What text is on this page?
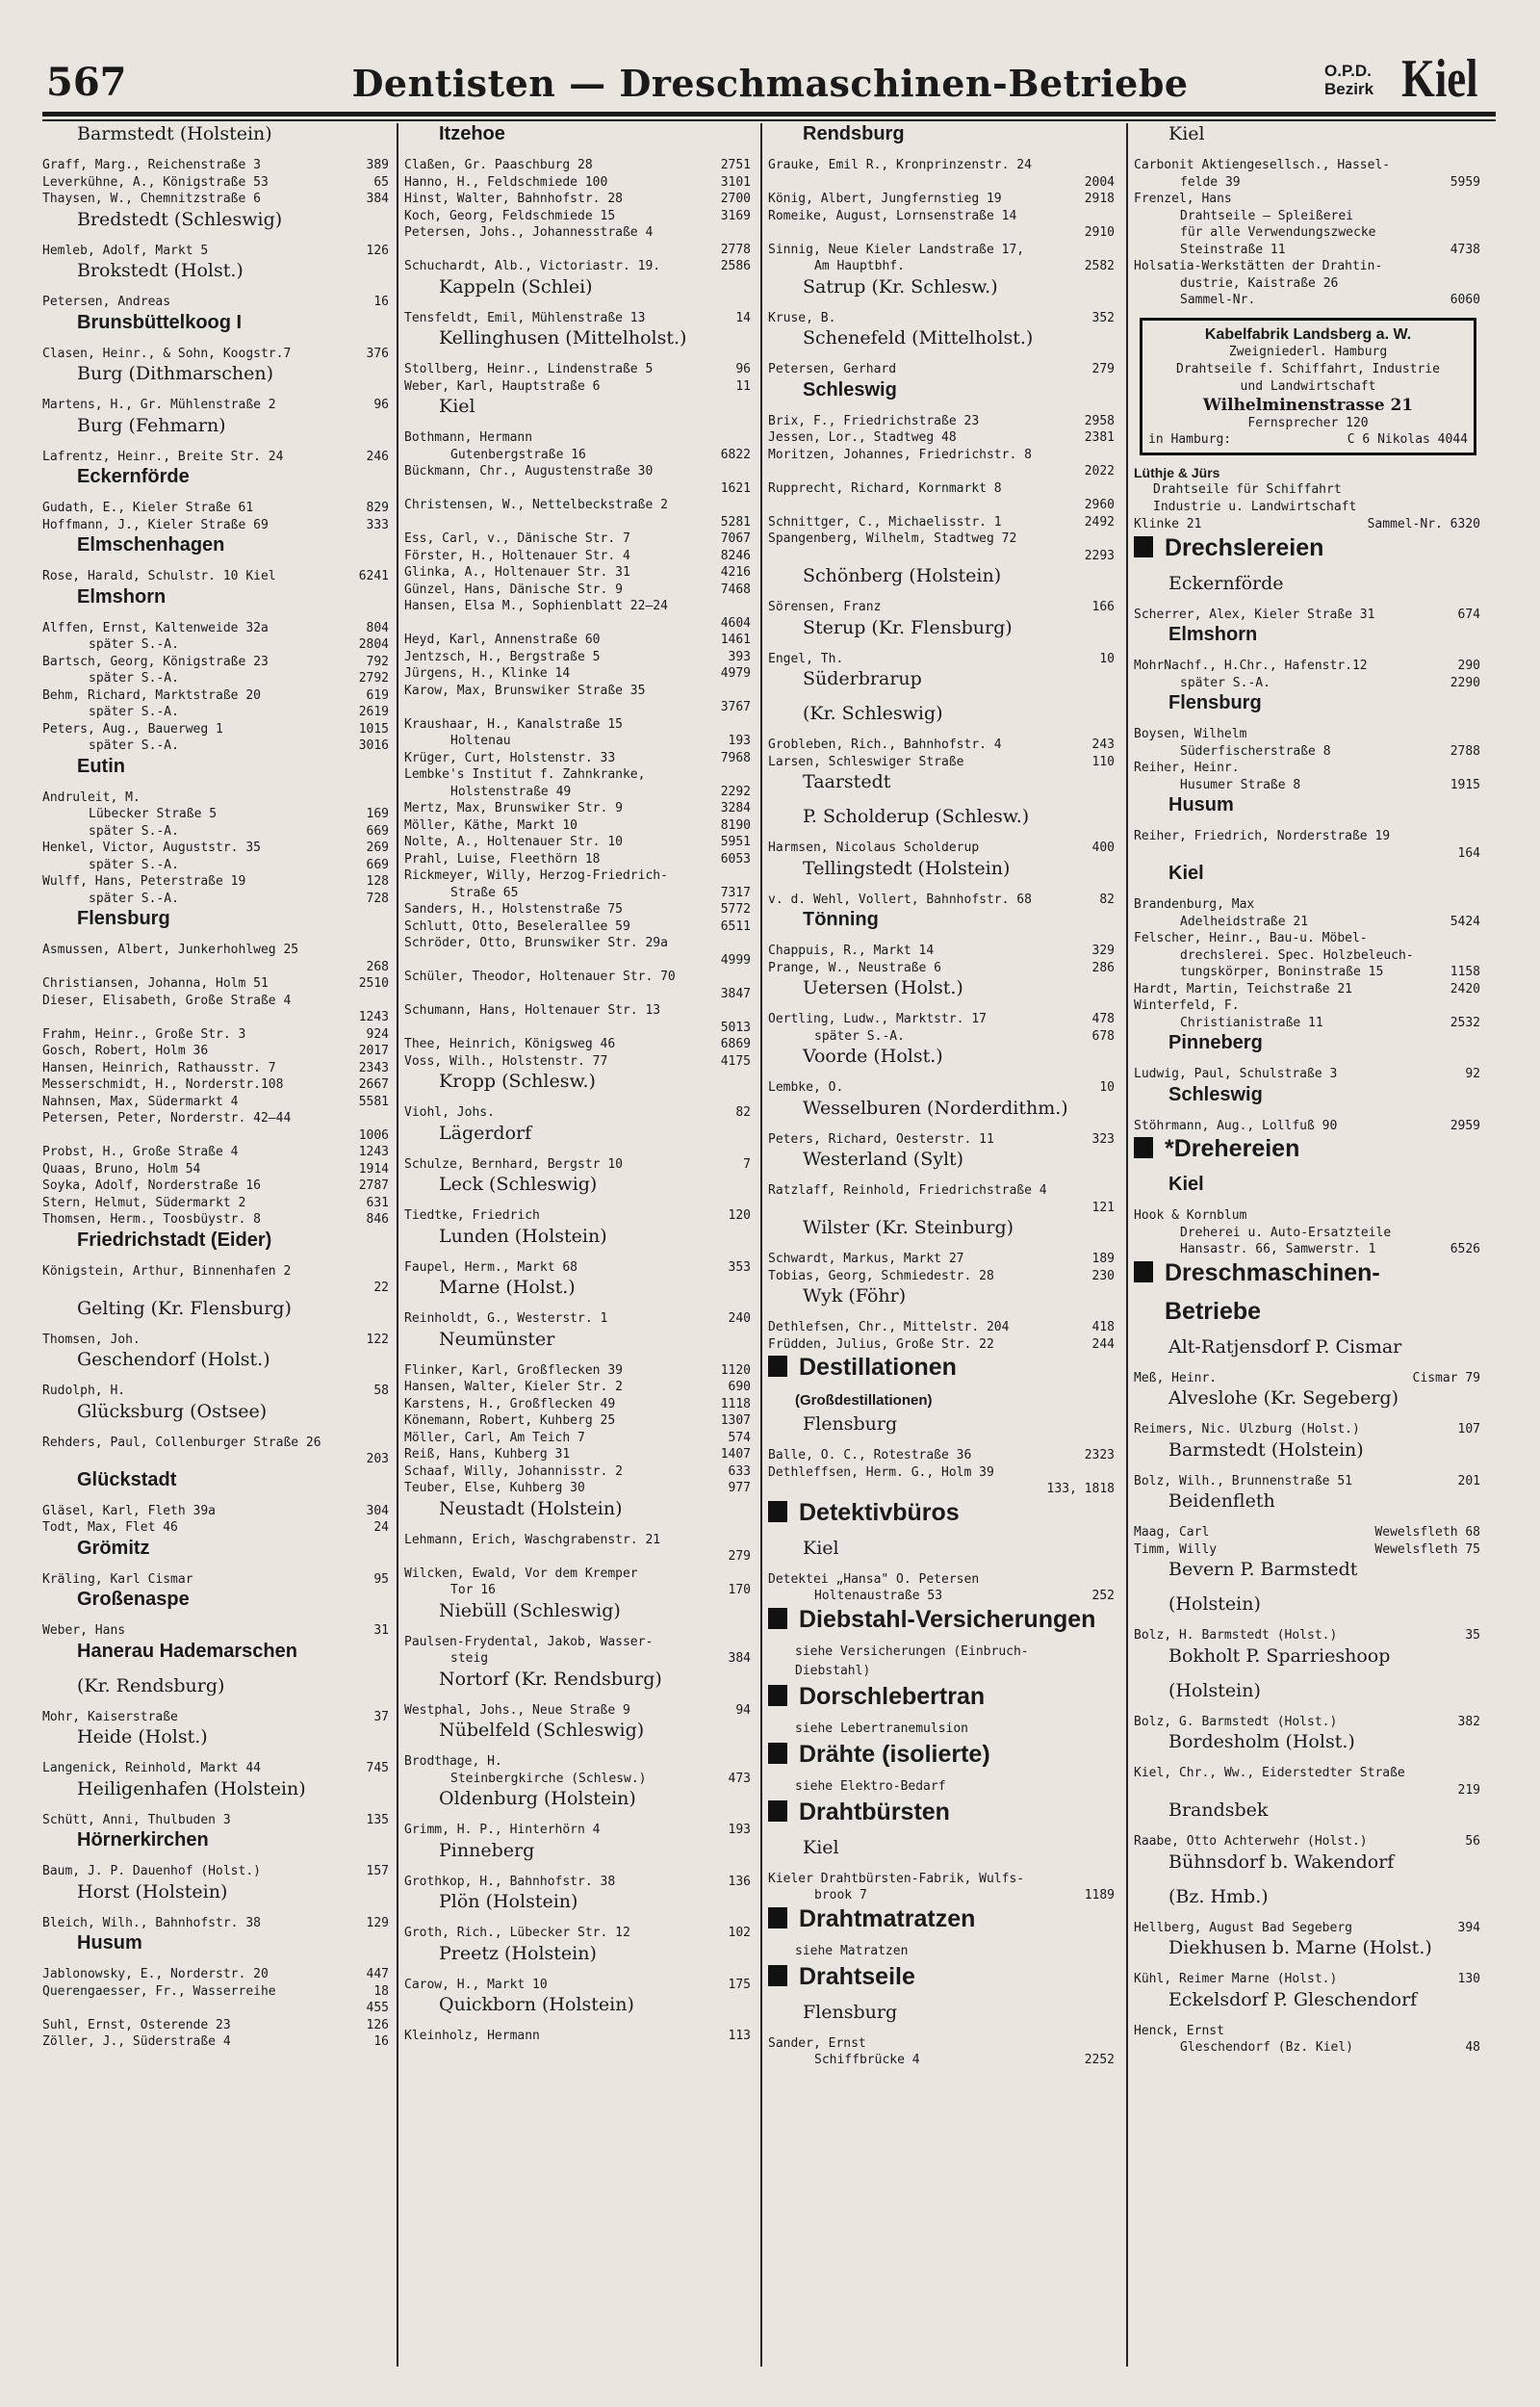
567	Dentisten — Dreschmaschinen-Betriebe	O.P.D.
Bezirk Kiel
Barmstedt (Holstein)
Graff, Marg., Reichenstraße 3	389
Leverkühne, A., Königstraße 53	65
Thaysen, W., Chemnitzstraße 6	384
Bredstedt (Schleswig)
Hemleb, Adolf, Markt 5	126
Brokstedt (Holst.)
Petersen, Andreas	16
Brunsbüttelkoog I
Clasen, Heinr., & Sohn, Koogstr.7	376
Burg (Dithmarschen)
Martens, H., Gr. Mühlenstraße 2	96
Burg (Fehmarn)
Lafrentz, Heinr., Breite Str. 24	246
Eckernförde
Gudath, E., Kieler Straße 61	829
Hoffmann, J., Kieler Straße 69	333
Elmschenhagen
Rose, Harald, Schulstr. 10 Kiel	6241
Elmshorn
Alffen, Ernst, Kaltenweide 32a	804
später S.-A.	2804
Bartsch, Georg, Königstraße 23	792
später S.-A.	2792
Behm, Richard, Marktstraße 20	619
später S.-A.	2619
Peters, Aug., Bauerweg 1	1015
später S.-A.	3016
Eutin
Andruleit, M.
Lübecker Straße 5	169
später S.-A.	669
Henkel, Victor, Auguststr. 35	269
später S.-A.	669
Wulff, Hans, Peterstraße 19	128
später S.-A.	728
Flensburg
Asmussen, Albert, Junkerhohlweg 25
268
Christiansen, Johanna, Holm 51	2510
Dieser, Elisabeth, Große Straße 4
1243
Frahm, Heinr., Große Str. 3	924
Gosch, Robert, Holm 36	2017
Hansen, Heinrich, Rathausstr. 7	2343
Messerschmidt, H., Norderstr.108	2667
Nahnsen, Max, Südermarkt 4	5581
Petersen, Peter, Norderstr. 42—44
1006
Probst, H., Große Straße 4	1243
Quaas, Bruno, Holm 54	1914
Soyka, Adolf, Norderstraße 16	2787
Stern, Helmut, Südermarkt 2	631
Thomsen, Herm., Toosbüystr. 8	846
Friedrichstadt (Eider)
Königstein, Arthur, Binnenhafen 2
22
Gelting (Kr. Flensburg)
Thomsen, Joh.	122
Geschendorf (Holst.)
Rudolph, H.	58
Glücksburg (Ostsee)
Rehders, Paul, Collenburger Straße 26
203
Glückstadt
Gläsel, Karl, Fleth 39a	304
Todt, Max, Flet 46	24
Grömitz
Kräling, Karl Cismar	95
Großenaspe
Weber, Hans	31
Hanerau Hademarschen
(Kr. Rendsburg)
Mohr, Kaiserstraße	37
Heide (Holst.)
Langenick, Reinhold, Markt 44	745
Heiligenhafen (Holstein)
Schütt, Anni, Thulbuden 3	135
Hörnerkirchen
Baum, J. P. Dauenhof (Holst.)	157
Horst (Holstein)
Bleich, Wilh., Bahnhofstr. 38	129
Husum
Jablonowsky, E., Norderstr. 20	447
Querengaesser, Fr., Wasserreihe	18
455
Suhl, Ernst, Osterende 23	126
Zöller, J., Süderstraße 4	16
Itzehoe
Claßen, Gr. Paaschburg 28	2751
Hanno, H., Feldschmiede 100	3101
Hinst, Walter, Bahnhofstr. 28	2700
Koch, Georg, Feldschmiede 15	3169
Petersen, Johs., Johannesstraße 4
2778
Schuchardt, Alb., Victoriastr. 19.	2586
Kappeln (Schlei)
Tensfeldt, Emil, Mühlenstraße 13	14
Kellinghusen (Mittelholst.)
Stollberg, Heinr., Lindenstraße 5	96
Weber, Karl, Hauptstraße 6	11
Kiel
Bothmann, Hermann
Gutenbergstraße 16	6822
Bückmann, Chr., Augustenstraße 30
1621
Christensen, W., Nettelbeckstraße 2
5281
Ess, Carl, v., Dänische Str. 7	7067
Förster, H., Holtenauer Str. 4	8246
Glinka, A., Holtenauer Str. 31	4216
Günzel, Hans, Dänische Str. 9	7468
Hansen, Elsa M., Sophienblatt 22—24
4604
Heyd, Karl, Annenstraße 60	1461
Jentzsch, H., Bergstraße 5	393
Jürgens, H., Klinke 14	4979
Karow, Max, Brunswiker Straße 35
3767
Kraushaar, H., Kanalstraße 15
Holtenau	193
Krüger, Curt, Holstenstr. 33	7968
Lembke's Institut f. Zahnkranke,
Holstenstraße 49	2292
Mertz, Max, Brunswiker Str. 9	3284
Möller, Käthe, Markt 10	8190
Nolte, A., Holtenauer Str. 10	5951
Prahl, Luise, Fleethörn 18	6053
Rickmeyer, Willy, Herzog-Friedrich-
Straße 65	7317
Sanders, H., Holstenstraße 75	5772
Schlutt, Otto, Beselerallee 59	6511
Schröder, Otto, Brunswiker Str. 29a
4999
Schüler, Theodor, Holtenauer Str. 70
3847
Schumann, Hans, Holtenauer Str. 13
5013
Thee, Heinrich, Königsweg 46	6869
Voss, Wilh., Holstenstr. 77	4175
Kropp (Schlesw.)
Viohl, Johs.	82
Lägerdorf
Schulze, Bernhard, Bergstr 10	7
Leck (Schleswig)
Tiedtke, Friedrich	120
Lunden (Holstein)
Faupel, Herm., Markt 68	353
Marne (Holst.)
Reinholdt, G., Westerstr. 1	240
Neumünster
Flinker, Karl, Großflecken 39	1120
Hansen, Walter, Kieler Str. 2	690
Karstens, H., Großflecken 49	1118
Könemann, Robert, Kuhberg 25	1307
Möller, Carl, Am Teich 7	574
Reiß, Hans, Kuhberg 31	1407
Schaaf, Willy, Johannisstr. 2	633
Teuber, Else, Kuhberg 30	977
Neustadt (Holstein)
Lehmann, Erich, Waschgrabenstr. 21
279
Wilcken, Ewald, Vor dem Kremper
Tor 16	170
Niebüll (Schleswig)
Paulsen-Frydental, Jakob, Wasser-
steig	384
Nortorf (Kr. Rendsburg)
Westphal, Johs., Neue Straße 9	94
Nübelfeld (Schleswig)
Brodthage, H.
Steinbergkirche (Schlesw.)	473
Oldenburg (Holstein)
Grimm, H. P., Hinterhörn 4	193
Pinneberg
Grothkop, H., Bahnhofstr. 38	136
Plön (Holstein)
Groth, Rich., Lübecker Str. 12	102
Preetz (Holstein)
Carow, H., Markt 10	175
Quickborn (Holstein)
Kleinholz, Hermann	113
Rendsburg
Grauke, Emil R., Kronprinzenstr. 24
2004
König, Albert, Jungfernstieg 19	2918
Romeike, August, Lornsenstraße 14
2910
Sinnig, Neue Kieler Landstraße 17,
Am Hauptbhf.	2582
Satrup (Kr. Schlesw.)
Kruse, B.	352
Schenefeld (Mittelholst.)
Petersen, Gerhard	279
Schleswig
Brix, F., Friedrichstraße 23	2958
Jessen, Lor., Stadtweg 48	2381
Moritzen, Johannes, Friedrichstr. 8
2022
Rupprecht, Richard, Kornmarkt 8
2960
Schnittger, C., Michaelisstr. 1	2492
Spangenberg, Wilhelm, Stadtweg 72
2293
Schönberg (Holstein)
Sörensen, Franz	166
Sterup (Kr. Flensburg)
Engel, Th.	10
Süderbrarup
(Kr. Schleswig)
Grobleben, Rich., Bahnhofstr. 4	243
Larsen, Schleswiger Straße	110
Taarstedt
P. Scholderup (Schlesw.)
Harmsen, Nicolaus Scholderup	400
Tellingstedt (Holstein)
v. d. Wehl, Vollert, Bahnhofstr. 68	82
Tönning
Chappuis, R., Markt 14	329
Prange, W., Neustraße 6	286
Uetersen (Holst.)
Oertling, Ludw., Marktstr. 17	478
später S.-A.	678
Voorde (Holst.)
Lembke, O.	10
Wesselburen (Norderdithm.)
Peters, Richard, Oesterstr. 11	323
Westerland (Sylt)
Ratzlaff, Reinhold, Friedrichstraße 4
121
Wilster (Kr. Steinburg)
Schwardt, Markus, Markt 27	189
Tobias, Georg, Schmiedestr. 28	230
Wyk (Föhr)
Dethlefsen, Chr., Mittelstr. 204	418
Früdden, Julius, Große Str. 22	244
Destillationen
(Großdestillationen)
Flensburg
Balle, O. C., Rotestraße 36	2323
Dethleffsen, Herm. G., Holm 39
133, 1818
Detektivbüros
Kiel
Detektei „Hansa" O. Petersen
Holtenaustraße 53	252
Diebstahl-Versicherungen
siehe Versicherungen (Einbruch-
Diebstahl)
Dorschlebertran
siehe Lebertranemulsion
Drähte (isolierte)
siehe Elektro-Bedarf
Drahtbürsten
Kiel
Kieler Drahtbürsten-Fabrik, Wulfs-
brook 7	1189
Drahtmatratzen
siehe Matratzen
Drahtseile
Flensburg
Sander, Ernst
Schiffbrücke 4	2252
Kiel
Carbonit Aktiengesellsch., Hassel-
felde 39	5959
Frenzel, Hans
Drahtseile — Spleißerei
für alle Verwendungszwecke
Steinstraße 11	4738
Holsatia-Werkstätten der Drahtin-
dustrie, Kaistraße 26
Sammel-Nr.	6060
Kabelfabrik Landsberg a. W.
Zweigniederl. Hamburg
Drahtseile f. Schiffahrt, Industrie
und Landwirtschaft
Wilhelminenstrasse 21
Fernsprecher 120
in Hamburg:	C 6 Nikolas 4044
Lüthje & Jürs
Drahtseile für Schiffahrt
Industrie u. Landwirtschaft
Klinke 21	Sammel-Nr. 6320
Drechslereien
Eckernförde
Scherrer, Alex, Kieler Straße 31	674
Elmshorn
MohrNachf., H.Chr., Hafenstr.12	290
später S.-A.	2290
Flensburg
Boysen, Wilhelm
Süderfischerstraße 8	2788
Reiher, Heinr.
Husumer Straße 8	1915
Husum
Reiher, Friedrich, Norderstraße 19
164
Kiel
Brandenburg, Max
Adelheidstraße 21	5424
Felscher, Heinr., Bau-u. Möbel-
drechslerei. Spec. Holzbeleuch-
tungskörper, Boninstraße 15	1158
Hardt, Martin, Teichstraße 21	2420
Winterfeld, F.
Christianistraße 11	2532
Pinneberg
Ludwig, Paul, Schulstraße 3	92
Schleswig
Stöhrmann, Aug., Lollfuß 90	2959
*Drehereien
Kiel
Hook & Kornblum
Dreherei u. Auto-Ersatzteile
Hansastr. 66, Samwerstr. 1	6526
Dreschmaschinen-
Betriebe
Alt-Ratjensdorf P. Cismar
Meß, Heinr.	Cismar 79
Alveslohe (Kr. Segeberg)
Reimers, Nic. Ulzburg (Holst.)	107
Barmstedt (Holstein)
Bolz, Wilh., Brunnenstraße 51	201
Beidenfleth
Maag, Carl	Wewelsfleth 68
Timm, Willy	Wewelsfleth 75
Bevern P. Barmstedt
(Holstein)
Bolz, H. Barmstedt (Holst.)	35
Bokholt P. Sparrieshoop
(Holstein)
Bolz, G. Barmstedt (Holst.)	382
Bordesholm (Holst.)
Kiel, Chr., Ww., Eiderstedter Straße
219
Brandsbek
Raabe, Otto Achterwehr (Holst.)	56
Bühnsdorf b. Wakendorf
(Bz. Hmb.)
Hellberg, August Bad Segeberg	394
Diekhusen b. Marne (Holst.)
Kühl, Reimer Marne (Holst.)	130
Eckelsdorf P. Gleschendorf
Henck, Ernst
Gleschendorf (Bz. Kiel)	48
